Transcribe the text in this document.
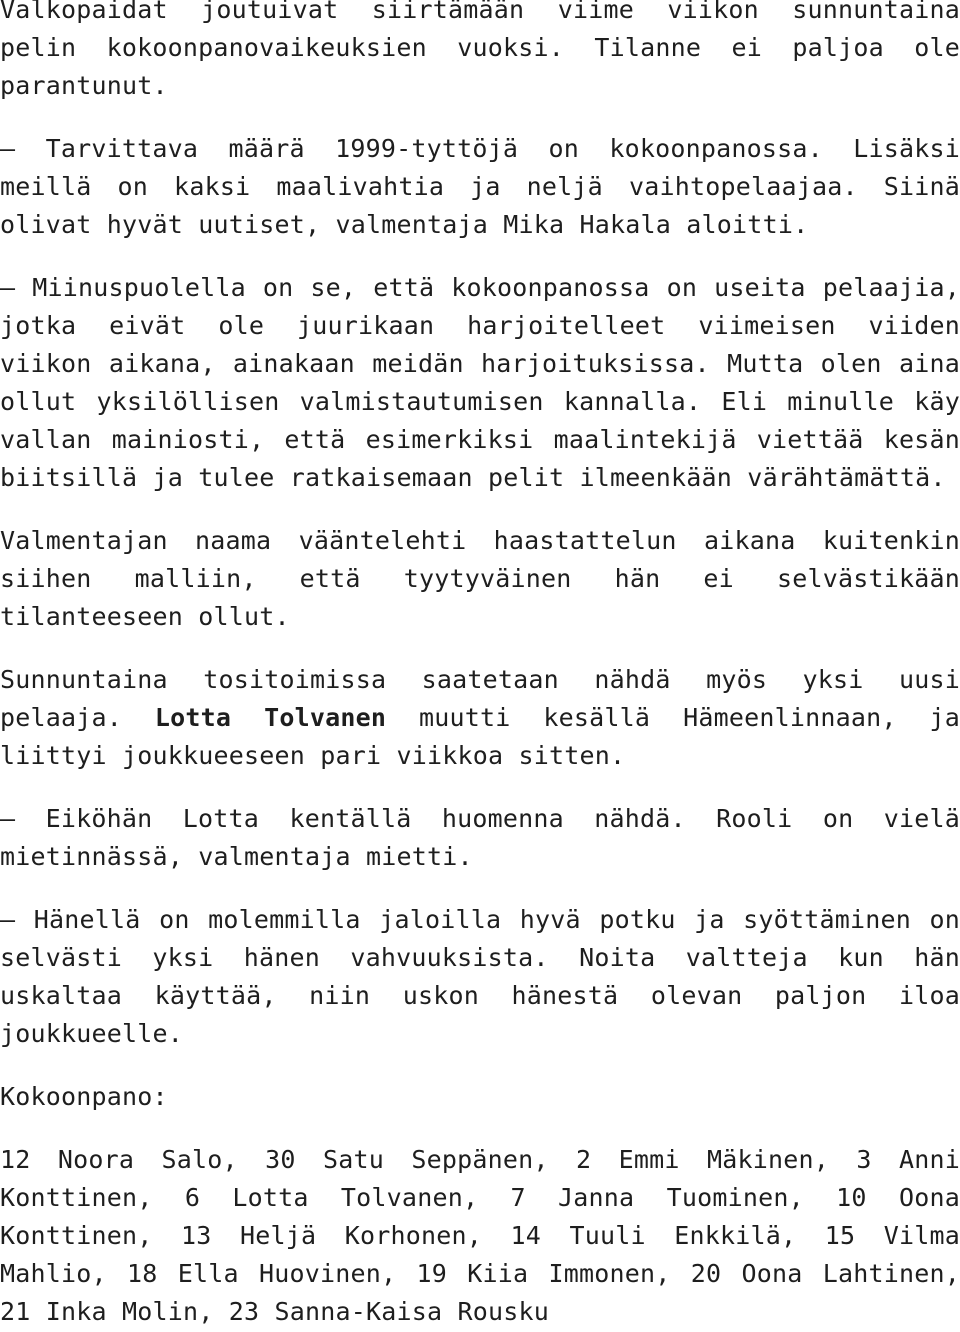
Valkopaidat joutuivat siirtämään viime viikon sunnuntaina pelin kokoonpanovaikeuksien vuoksi. Tilanne ei paljoa ole parantunut.

– Tarvittava määrä 1999-tyttöjä on kokoonpanossa. Lisäksi meillä on kaksi maalivahtia ja neljä vaihtopelaajaa. Siinä olivat hyvät uutiset, valmentaja Mika Hakala aloitti.

– Miinuspuolella on se, että kokoonpanossa on useita pelaajia, jotka eivät ole juurikaan harjoitelleet viimeisen viiden viikon aikana, ainakaan meidän harjoituksissa. Mutta olen aina ollut yksilöllisen valmistautumisen kannalla. Eli minulle käy vallan mainiosti, että esimerkiksi maalintekijä viettää kesän biitsillä ja tulee ratkaisemaan pelit ilmeenkään värähtämättä.

Valmentajan naama vääntelehti haastattelun aikana kuitenkin siihen malliin, että tyytyväinen hän ei selvästikään tilanteeseen ollut.

Sunnuntaina tositoimissa saatetaan nähdä myös yksi uusi pelaaja. Lotta Tolvanen muutti kesällä Hämeenlinnaan, ja liittyi joukkueeseen pari viikkoa sitten.

– Eiköhän Lotta kentällä huomenna nähdä. Rooli on vielä mietinnässä, valmentaja mietti.

– Hänellä on molemmilla jaloilla hyvä potku ja syöttäminen on selvästi yksi hänen vahvuuksista. Noita valtteja kun hän uskaltaa käyttää, niin uskon hänestä olevan paljon iloa joukkueelle.

Kokoonpano:

12 Noora Salo, 30 Satu Seppänen, 2 Emmi Mäkinen, 3 Anni Konttinen, 6 Lotta Tolvanen, 7 Janna Tuominen, 10 Oona Konttinen, 13 Heljä Korhonen, 14 Tuuli Enkkilä, 15 Vilma Mahlio, 18 Ella Huovinen, 19 Kiia Immonen, 20 Oona Lahtinen, 21 Inka Molin, 23 Sanna-Kaisa Rousku
